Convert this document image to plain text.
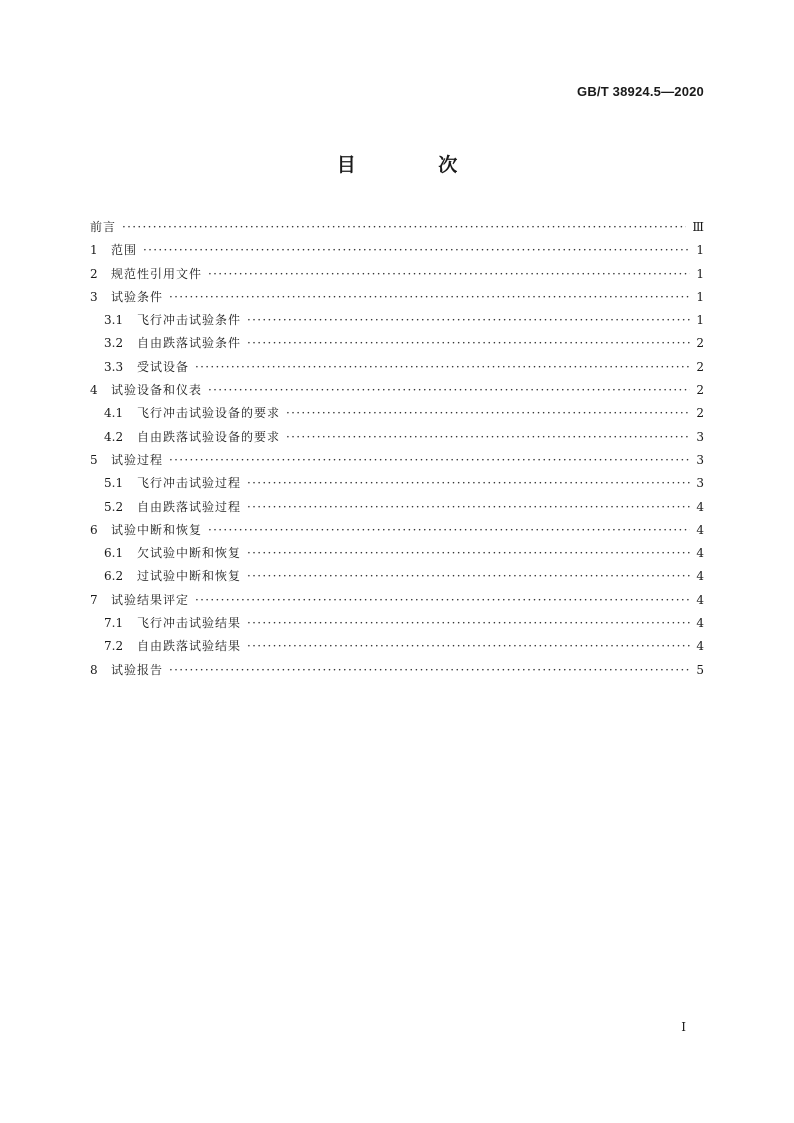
GB/T 38924.5—2020
目 次
前言 ·····	Ⅲ
1	范围 ·····	1
2	规范性引用文件 ·····	1
3	试验条件 ·····	1
3.1	飞行冲击试验条件 ·····	1
3.2	自由跌落试验条件 ·····	2
3.3	受试设备 ·····	2
4	试验设备和仪表 ·····	2
4.1	飞行冲击试验设备的要求 ·····	2
4.2	自由跌落试验设备的要求 ·····	3
5	试验过程 ·····	3
5.1	飞行冲击试验过程 ·····	3
5.2	自由跌落试验过程 ·····	4
6	试验中断和恢复 ·····	4
6.1	欠试验中断和恢复 ·····	4
6.2	过试验中断和恢复 ·····	4
7	试验结果评定 ·····	4
7.1	飞行冲击试验结果 ·····	4
7.2	自由跌落试验结果 ·····	4
8	试验报告 ·····	5
I
